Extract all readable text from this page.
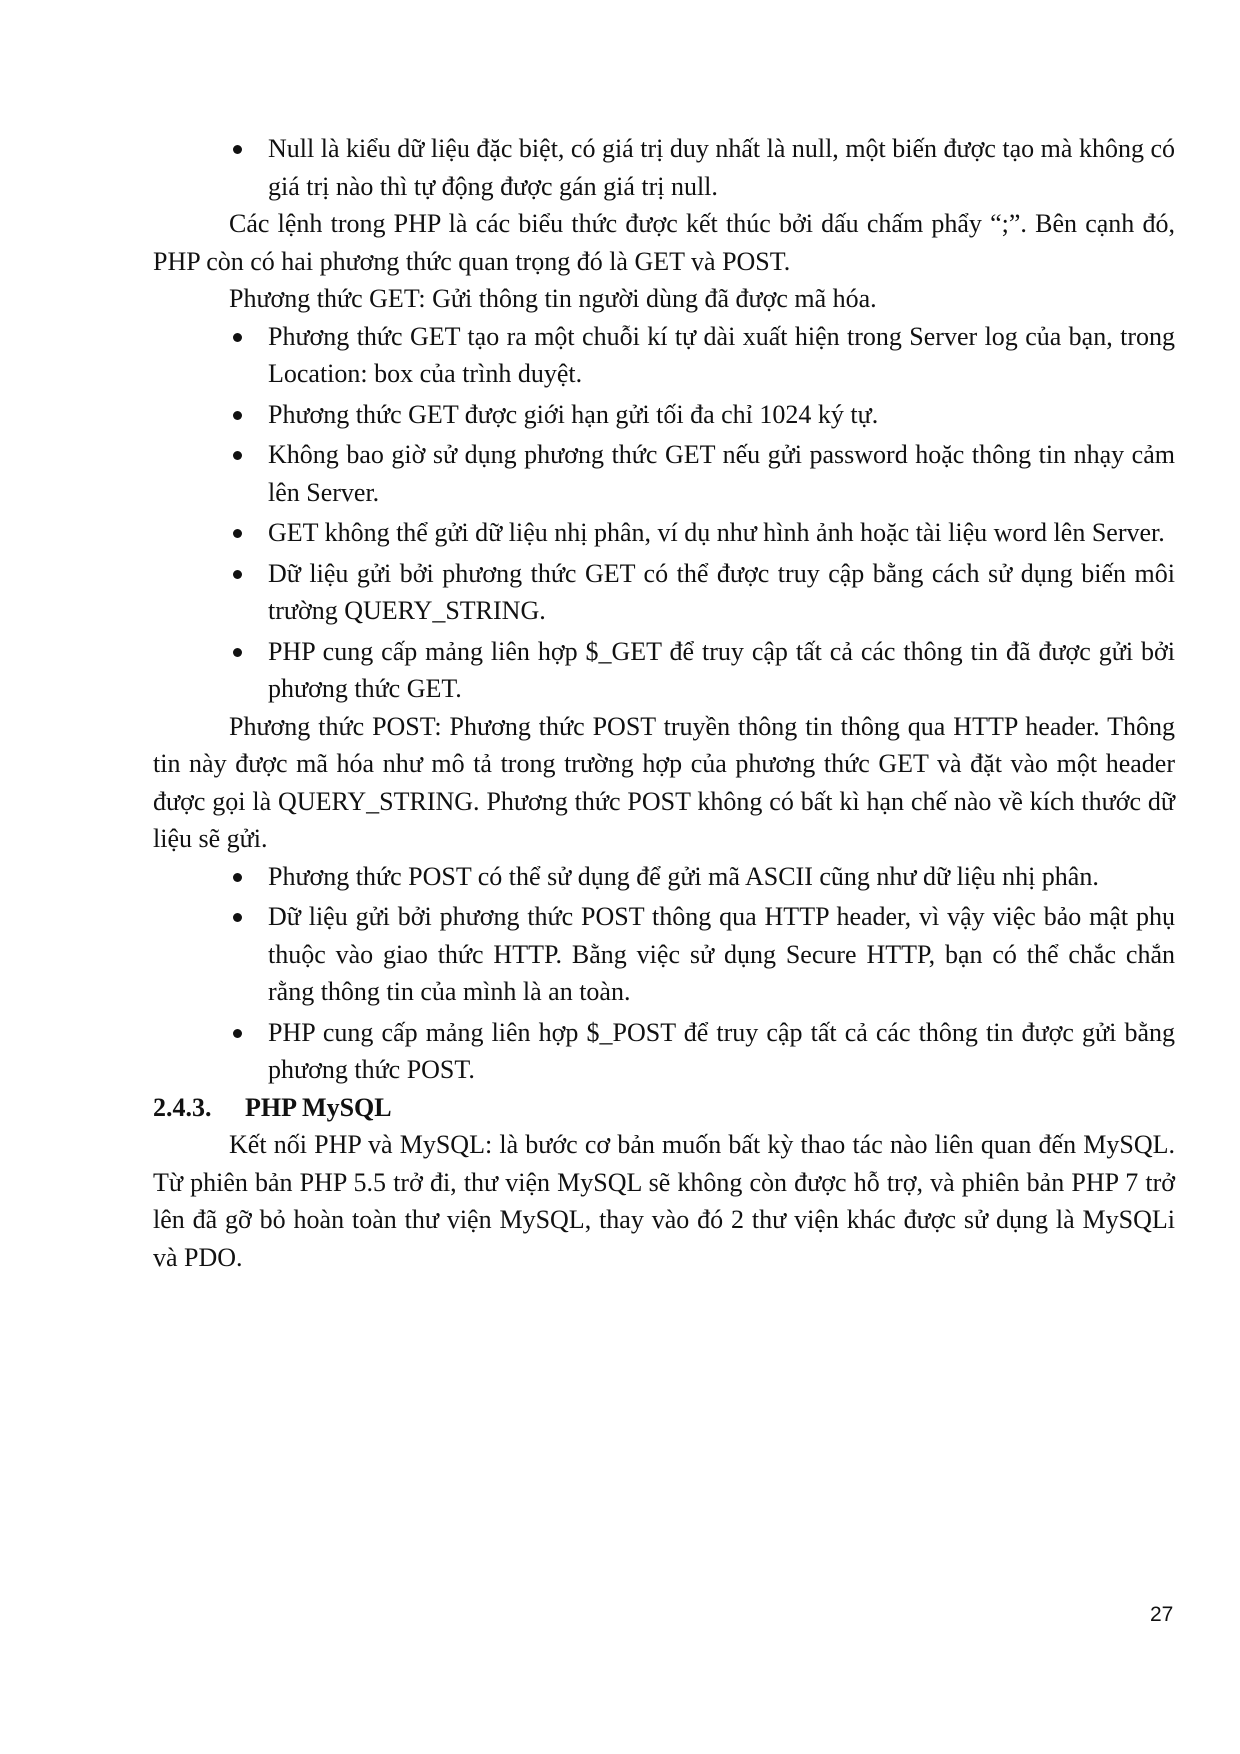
Null là kiểu dữ liệu đặc biệt, có giá trị duy nhất là null, một biến được tạo mà không có giá trị nào thì tự động được gán giá trị null.

Các lệnh trong PHP là các biểu thức được kết thúc bởi dấu chấm phẩy “;”. Bên cạnh đó, PHP còn có hai phương thức quan trọng đó là GET và POST.

Phương thức GET: Gửi thông tin người dùng đã được mã hóa.

Phương thức GET tạo ra một chuỗi kí tự dài xuất hiện trong Server log của bạn, trong Location: box của trình duyệt.
Phương thức GET được giới hạn gửi tối đa chỉ 1024 ký tự.
Không bao giờ sử dụng phương thức GET nếu gửi password hoặc thông tin nhạy cảm lên Server.
GET không thể gửi dữ liệu nhị phân, ví dụ như hình ảnh hoặc tài liệu word lên Server.
Dữ liệu gửi bởi phương thức GET có thể được truy cập bằng cách sử dụng biến môi trường QUERY_STRING.
PHP cung cấp mảng liên hợp $_GET để truy cập tất cả các thông tin đã được gửi bởi phương thức GET.

Phương thức POST: Phương thức POST truyền thông tin thông qua HTTP header. Thông tin này được mã hóa như mô tả trong trường hợp của phương thức GET và đặt vào một header được gọi là QUERY_STRING. Phương thức POST không có bất kì hạn chế nào về kích thước dữ liệu sẽ gửi.

Phương thức POST có thể sử dụng để gửi mã ASCII cũng như dữ liệu nhị phân.
Dữ liệu gửi bởi phương thức POST thông qua HTTP header, vì vậy việc bảo mật phụ thuộc vào giao thức HTTP. Bằng việc sử dụng Secure HTTP, bạn có thể chắc chắn rằng thông tin của mình là an toàn.
PHP cung cấp mảng liên hợp $_POST để truy cập tất cả các thông tin được gửi bằng phương thức POST.
2.4.3.	PHP MySQL

Kết nối PHP và MySQL: là bước cơ bản muốn bất kỳ thao tác nào liên quan đến MySQL. Từ phiên bản PHP 5.5 trở đi, thư viện MySQL sẽ không còn được hỗ trợ, và phiên bản PHP 7 trở lên đã gỡ bỏ hoàn toàn thư viện MySQL, thay vào đó 2 thư viện khác được sử dụng là MySQLi và PDO.

27
